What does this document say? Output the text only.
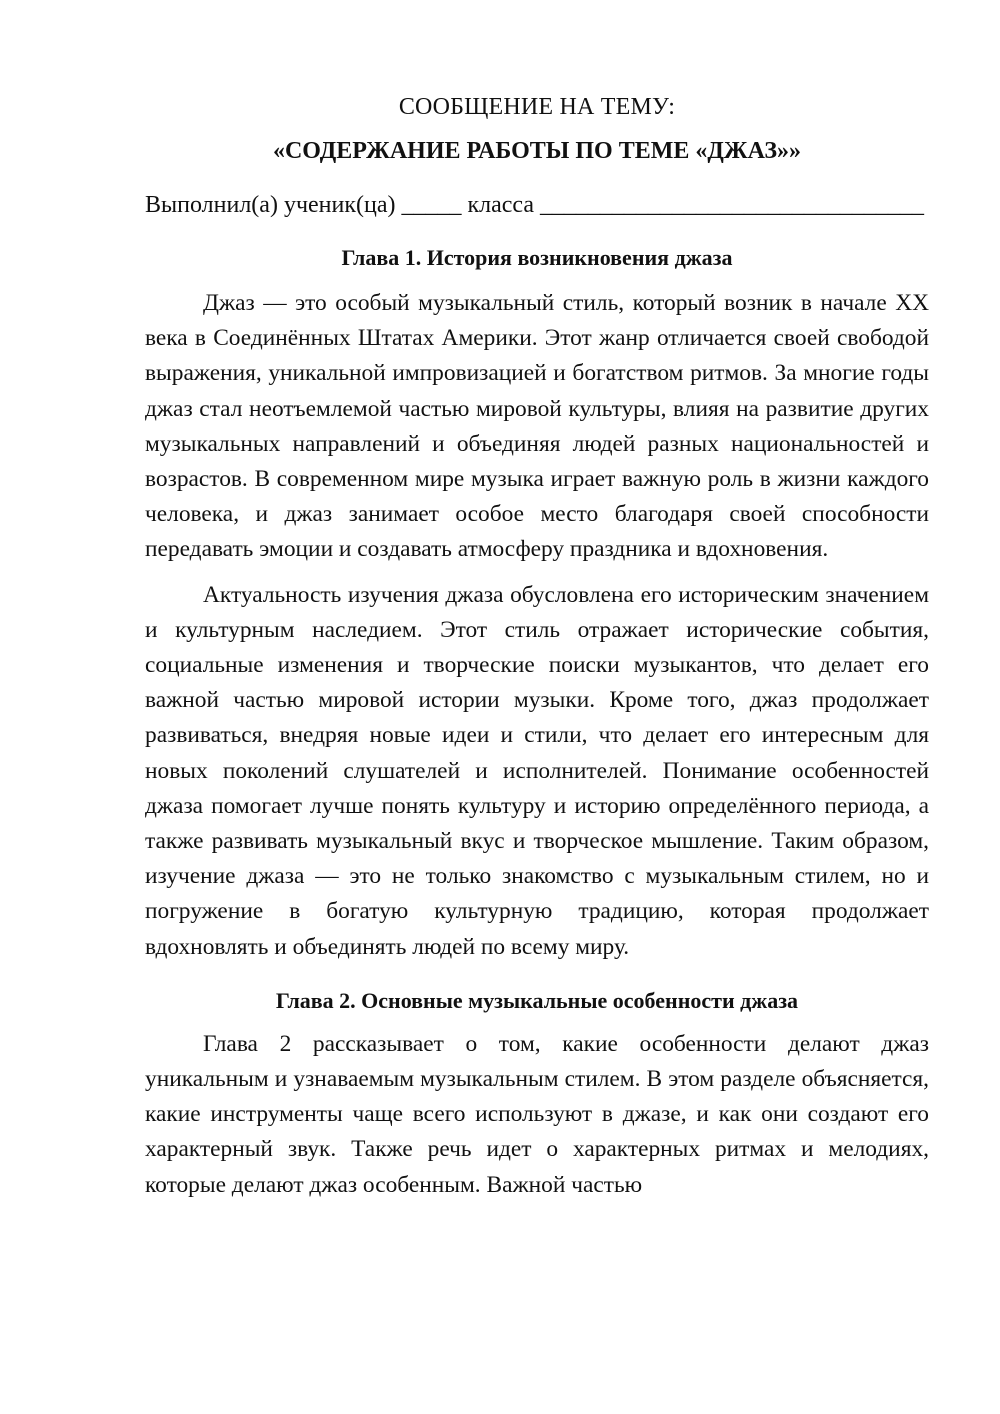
СООБЩЕНИЕ НА ТЕМУ:
«СОДЕРЖАНИЕ РАБОТЫ ПО ТЕМЕ «ДЖАЗ»»

Выполнил(а) ученик(ца) _____ класса ________________________________

Глава 1. История возникновения джаза

Джаз — это особый музыкальный стиль, который возник в начале XX века в Соединённых Штатах Америки. Этот жанр отличается своей свободой выражения, уникальной импровизацией и богатством ритмов. За многие годы джаз стал неотъемлемой частью мировой культуры, влияя на развитие других музыкальных направлений и объединяя людей разных национальностей и возрастов. В современном мире музыка играет важную роль в жизни каждого человека, и джаз занимает особое место благодаря своей способности передавать эмоции и создавать атмосферу праздника и вдохновения.

Актуальность изучения джаза обусловлена его историческим значением и культурным наследием. Этот стиль отражает исторические события, социальные изменения и творческие поиски музыкантов, что делает его важной частью мировой истории музыки. Кроме того, джаз продолжает развиваться, внедряя новые идеи и стили, что делает его интересным для новых поколений слушателей и исполнителей. Понимание особенностей джаза помогает лучше понять культуру и историю определённого периода, а также развивать музыкальный вкус и творческое мышление. Таким образом, изучение джаза — это не только знакомство с музыкальным стилем, но и погружение в богатую культурную традицию, которая продолжает вдохновлять и объединять людей по всему миру.

Глава 2. Основные музыкальные особенности джаза

Глава 2 рассказывает о том, какие особенности делают джаз уникальным и узнаваемым музыкальным стилем. В этом разделе объясняется, какие инструменты чаще всего используют в джазе, и как они создают его характерный звук. Также речь идет о характерных ритмах и мелодиях, которые делают джаз особенным. Важной частью
